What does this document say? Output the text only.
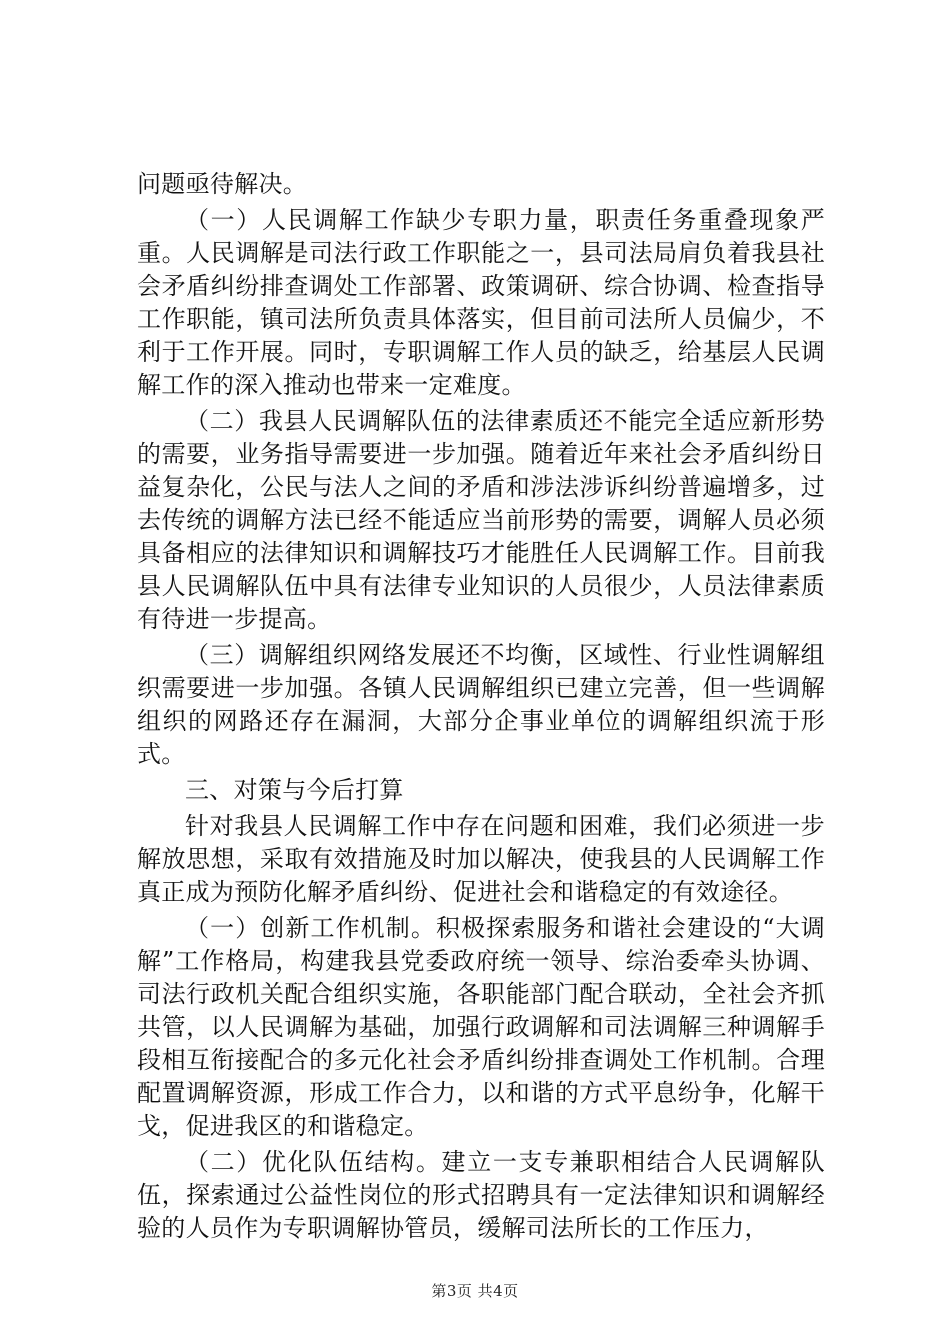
问题亟待解决。

（一）人民调解工作缺少专职力量，职责任务重叠现象严重。人民调解是司法行政工作职能之一，县司法局肩负着我县社会矛盾纠纷排查调处工作部署、政策调研、综合协调、检查指导工作职能，镇司法所负责具体落实，但目前司法所人员偏少，不利于工作开展。同时，专职调解工作人员的缺乏，给基层人民调解工作的深入推动也带来一定难度。

（二）我县人民调解队伍的法律素质还不能完全适应新形势的需要，业务指导需要进一步加强。随着近年来社会矛盾纠纷日益复杂化，公民与法人之间的矛盾和涉法涉诉纠纷普遍增多，过去传统的调解方法已经不能适应当前形势的需要，调解人员必须具备相应的法律知识和调解技巧才能胜任人民调解工作。目前我县人民调解队伍中具有法律专业知识的人员很少，人员法律素质有待进一步提高。

（三）调解组织网络发展还不均衡，区域性、行业性调解组织需要进一步加强。各镇人民调解组织已建立完善，但一些调解组织的网路还存在漏洞，大部分企事业单位的调解组织流于形式。

三、对策与今后打算

针对我县人民调解工作中存在问题和困难，我们必须进一步解放思想，采取有效措施及时加以解决，使我县的人民调解工作真正成为预防化解矛盾纠纷、促进社会和谐稳定的有效途径。

（一）创新工作机制。积极探索服务和谐社会建设的“大调解”工作格局，构建我县党委政府统一领导、综治委牵头协调、司法行政机关配合组织实施，各职能部门配合联动，全社会齐抓共管，以人民调解为基础，加强行政调解和司法调解三种调解手段相互衔接配合的多元化社会矛盾纠纷排查调处工作机制。合理配置调解资源，形成工作合力，以和谐的方式平息纷争，化解干戈，促进我区的和谐稳定。

（二）优化队伍结构。建立一支专兼职相结合人民调解队伍，探索通过公益性岗位的形式招聘具有一定法律知识和调解经验的人员作为专职调解协管员，缓解司法所长的工作压力，

第3页 共4页
